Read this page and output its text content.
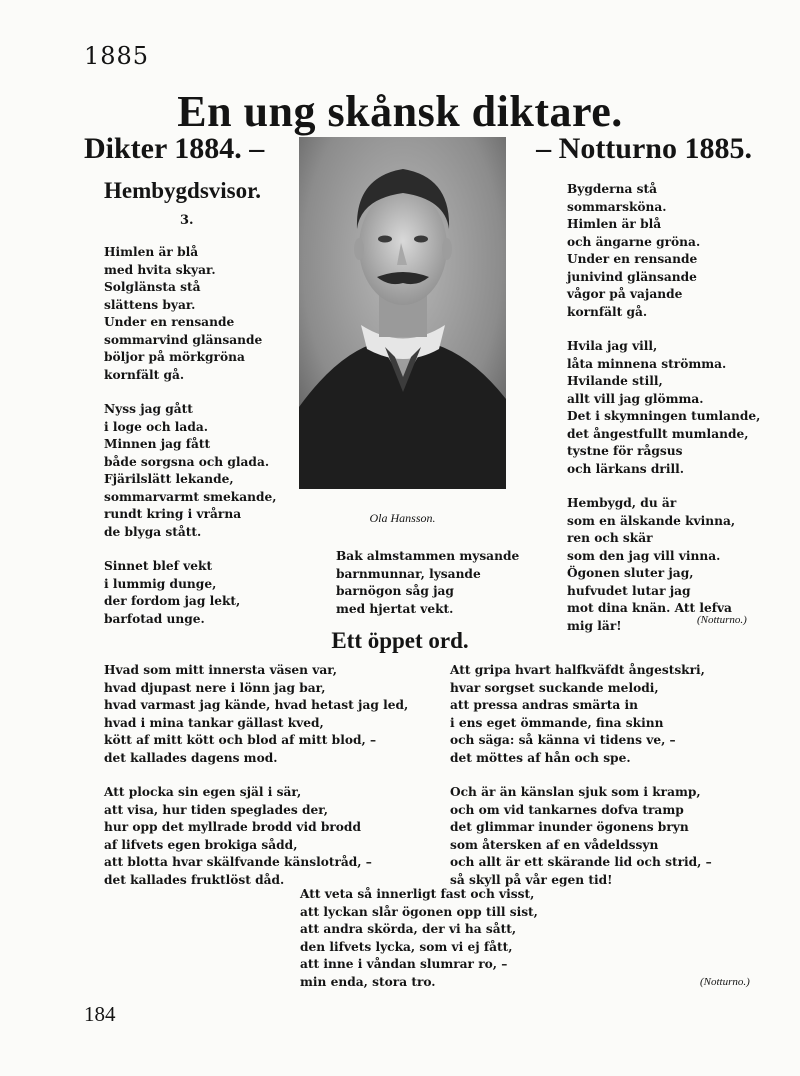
1885
En ung skånsk diktare.
Dikter 1884. –	– Notturno 1885.
Hembygdsvisor.
3.
Himlen är blå
med hvita skyar.
Solglänsta stå
slättens byar.
Under en rensande
sommarvind glänsande
böljor på mörkgröna
kornfält gå.
Nyss jag gått
i loge och lada.
Minnen jag fått
både sorgsna och glada.
Fjärilslätt lekande,
sommarvarmt smekande,
rundt kring i vrårna
de blyga stått.
Sinnet blef vekt
i lummig dunge,
der fordom jag lekt,
barfotad unge.
Ola Hansson.
Bak almstammen mysande
barnmunnar, lysande
barnögon såg jag
med hjertat vekt.
Bygderna stå
sommarsköna.
Himlen är blå
och ängarne gröna.
Under en rensande
junivind glänsande
vågor på vajande
kornfält gå.
Hvila jag vill,
låta minnena strömma.
Hvilande still,
allt vill jag glömma.
Det i skymningen tumlande,
det ångestfullt mumlande,
tystne för rågsus
och lärkans drill.
Hembygd, du är
som en älskande kvinna,
ren och skär
som den jag vill vinna.
Ögonen sluter jag,
hufvudet lutar jag
mot dina knän. Att lefva
mig lär!	(Notturno.)
Ett öppet ord.
Hvad som mitt innersta väsen var,
hvad djupast nere i lönn jag bar,
hvad varmast jag kände, hvad hetast jag led,
hvad i mina tankar gällast kved,
kött af mitt kött och blod af mitt blod, –
det kallades dagens mod.
Att plocka sin egen själ i sär,
att visa, hur tiden speglades der,
hur opp det myllrade brodd vid brodd
af lifvets egen brokiga sådd,
att blotta hvar skälfvande känslotråd, –
det kallades fruktlöst dåd.
Att gripa hvart halfkväfdt ångestskri,
hvar sorgset suckande melodi,
att pressa andras smärta in
i ens eget ömmande, fina skinn
och säga: så känna vi tidens ve, –
det möttes af hån och spe.
Och är än känslan sjuk som i kramp,
och om vid tankarnes dofva tramp
det glimmar inunder ögonens bryn
som återsken af en vådeldssyn
och allt är ett skärande lid och strid, –
så skyll på vår egen tid!
Att veta så innerligt fast och visst,
att lyckan slår ögonen opp till sist,
att andra skörda, der vi ha sått,
den lifvets lycka, som vi ej fått,
att inne i våndan slumrar ro, –
min enda, stora tro.	(Notturno.)
184
